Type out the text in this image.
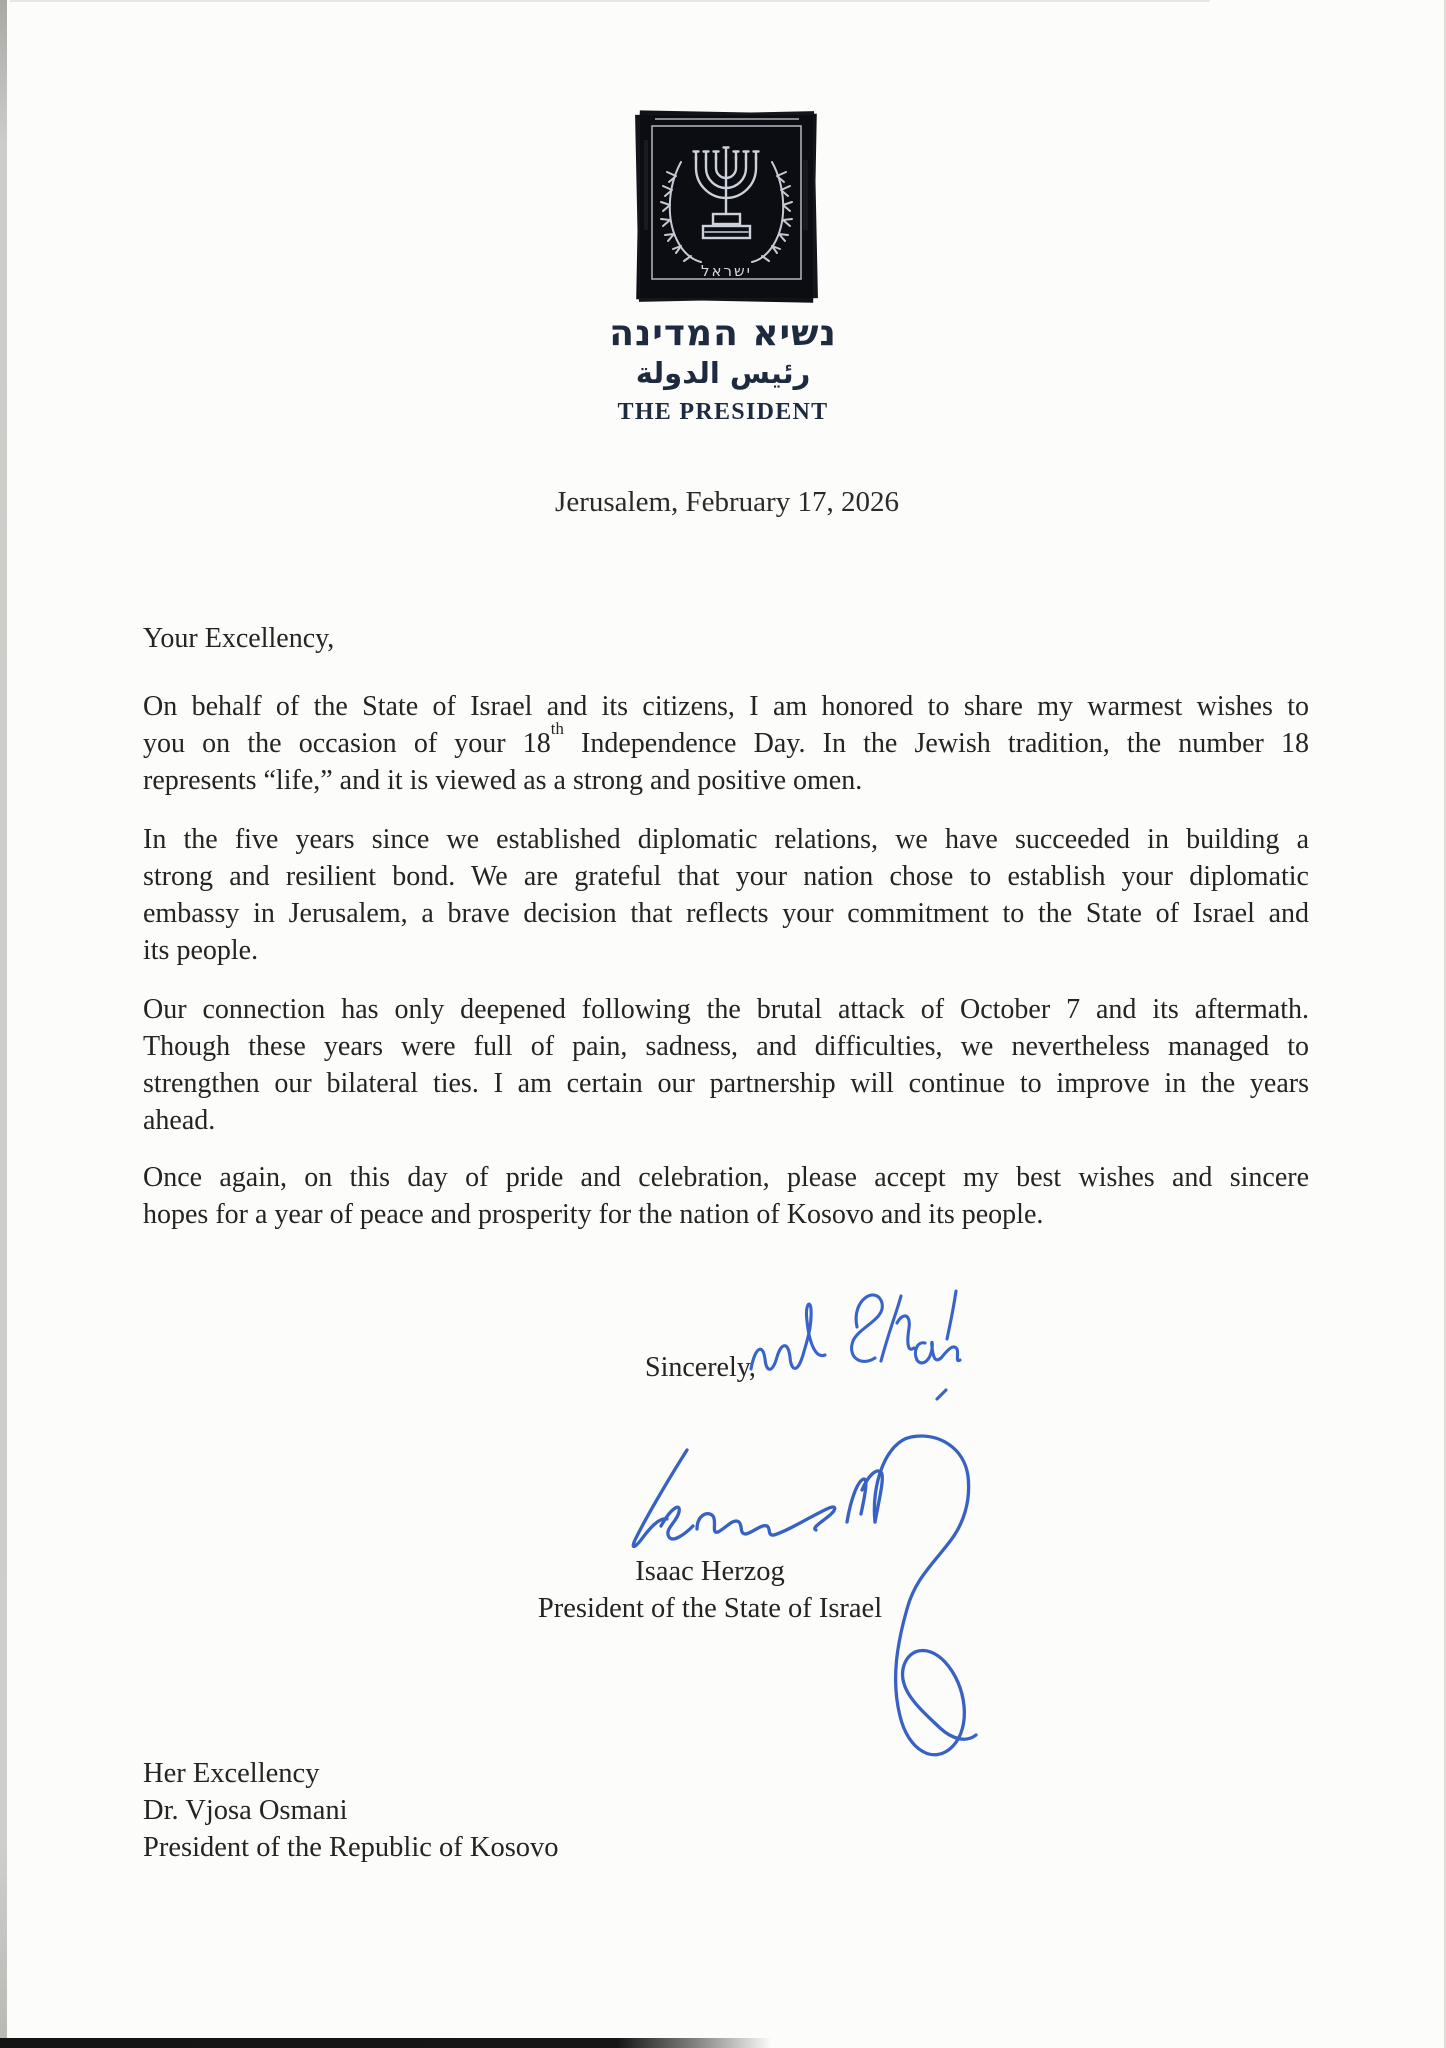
ישראל
נשיא המדינה
رئيس الدولة
THE PRESIDENT
Jerusalem, February 17, 2026
Your Excellency,
On behalf of the State of Israel and its citizens, I am honored to share my warmest wishes to
you on the occasion of your 18th Independence Day. In the Jewish tradition, the number 18
represents “life,” and it is viewed as a strong and positive omen.
In the five years since we established diplomatic relations, we have succeeded in building a
strong and resilient bond. We are grateful that your nation chose to establish your diplomatic
embassy in Jerusalem, a brave decision that reflects your commitment to the State of Israel and
its people.
Our connection has only deepened following the brutal attack of October 7 and its aftermath.
Though these years were full of pain, sadness, and difficulties, we nevertheless managed to
strengthen our bilateral ties. I am certain our partnership will continue to improve in the years
ahead.
Once again, on this day of pride and celebration, please accept my best wishes and sincere
hopes for a year of peace and prosperity for the nation of Kosovo and its people.
Sincerely,
Isaac Herzog
President of the State of Israel
Her Excellency
Dr. Vjosa Osmani
President of the Republic of Kosovo
